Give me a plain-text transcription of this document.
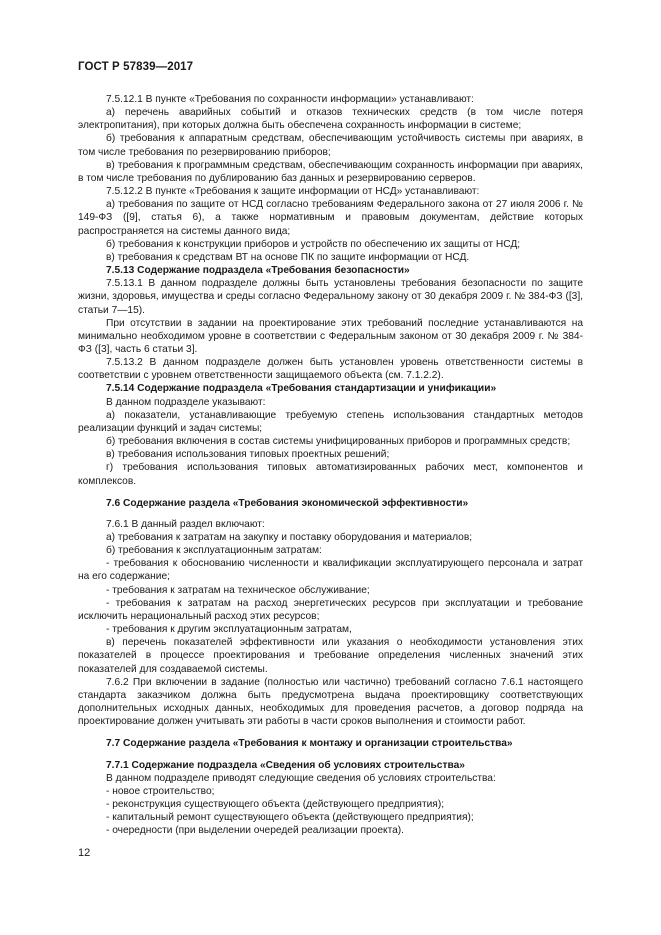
ГОСТ Р 57839—2017

7.5.12.1 В пункте «Требования по сохранности информации» устанавливают:

а) перечень аварийных событий и отказов технических средств (в том числе потеря электропитания), при которых должна быть обеспечена сохранность информации в системе;

б) требования к аппаратным средствам, обеспечивающим устойчивость системы при авариях, в том числе требования по резервированию приборов;

в) требования к программным средствам, обеспечивающим сохранность информации при авариях, в том числе требования по дублированию баз данных и резервированию серверов.

7.5.12.2 В пункте «Требования к защите информации от НСД» устанавливают:

а) требования по защите от НСД согласно требованиям Федерального закона от 27 июля 2006 г. № 149-ФЗ ([9], статья 6), а также нормативным и правовым документам, действие которых распространяется на системы данного вида;

б) требования к конструкции приборов и устройств по обеспечению их защиты от НСД;

в) требования к средствам ВТ на основе ПК по защите информации от НСД.

7.5.13 Содержание подраздела «Требования безопасности»

7.5.13.1 В данном подразделе должны быть установлены требования безопасности по защите жизни, здоровья, имущества и среды согласно Федеральному закону от 30 декабря 2009 г. № 384-ФЗ ([3], статьи 7—15).

При отсутствии в задании на проектирование этих требований последние устанавливаются на минимально необходимом уровне в соответствии с Федеральным законом от 30 декабря 2009 г. № 384-ФЗ ([3], часть 6 статьи 3].

7.5.13.2 В данном подразделе должен быть установлен уровень ответственности системы в соответствии с уровнем ответственности защищаемого объекта (см. 7.1.2.2).

7.5.14 Содержание подраздела «Требования стандартизации и унификации»

В данном подразделе указывают:

а) показатели, устанавливающие требуемую степень использования стандартных методов реализации функций и задач системы;

б) требования включения в состав системы унифицированных приборов и программных средств;

в) требования использования типовых проектных решений;

г) требования использования типовых автоматизированных рабочих мест, компонентов и комплексов.

7.6 Содержание раздела «Требования экономической эффективности»

7.6.1 В данный раздел включают:

а) требования к затратам на закупку и поставку оборудования и материалов;

б) требования к эксплуатационным затратам:

- требования к обоснованию численности и квалификации эксплуатирующего персонала и затрат на его содержание;

- требования к затратам на техническое обслуживание;

- требования к затратам на расход энергетических ресурсов при эксплуатации и требование исключить нерациональный расход этих ресурсов;

- требования к другим эксплуатационным затратам,

в) перечень показателей эффективности или указания о необходимости установления этих показателей в процессе проектирования и требование определения численных значений этих показателей для создаваемой системы.

7.6.2 При включении в задание (полностью или частично) требований согласно 7.6.1 настоящего стандарта заказчиком должна быть предусмотрена выдача проектировщику соответствующих дополнительных исходных данных, необходимых для проведения расчетов, а договор подряда на проектирование должен учитывать эти работы в части сроков выполнения и стоимости работ.

7.7 Содержание раздела «Требования к монтажу и организации строительства»

7.7.1 Содержание подраздела «Сведения об условиях строительства»

В данном подразделе приводят следующие сведения об условиях строительства:

- новое строительство;

- реконструкция существующего объекта (действующего предприятия);

- капитальный ремонт существующего объекта (действующего предприятия);

- очередности (при выделении очередей реализации проекта).

12
